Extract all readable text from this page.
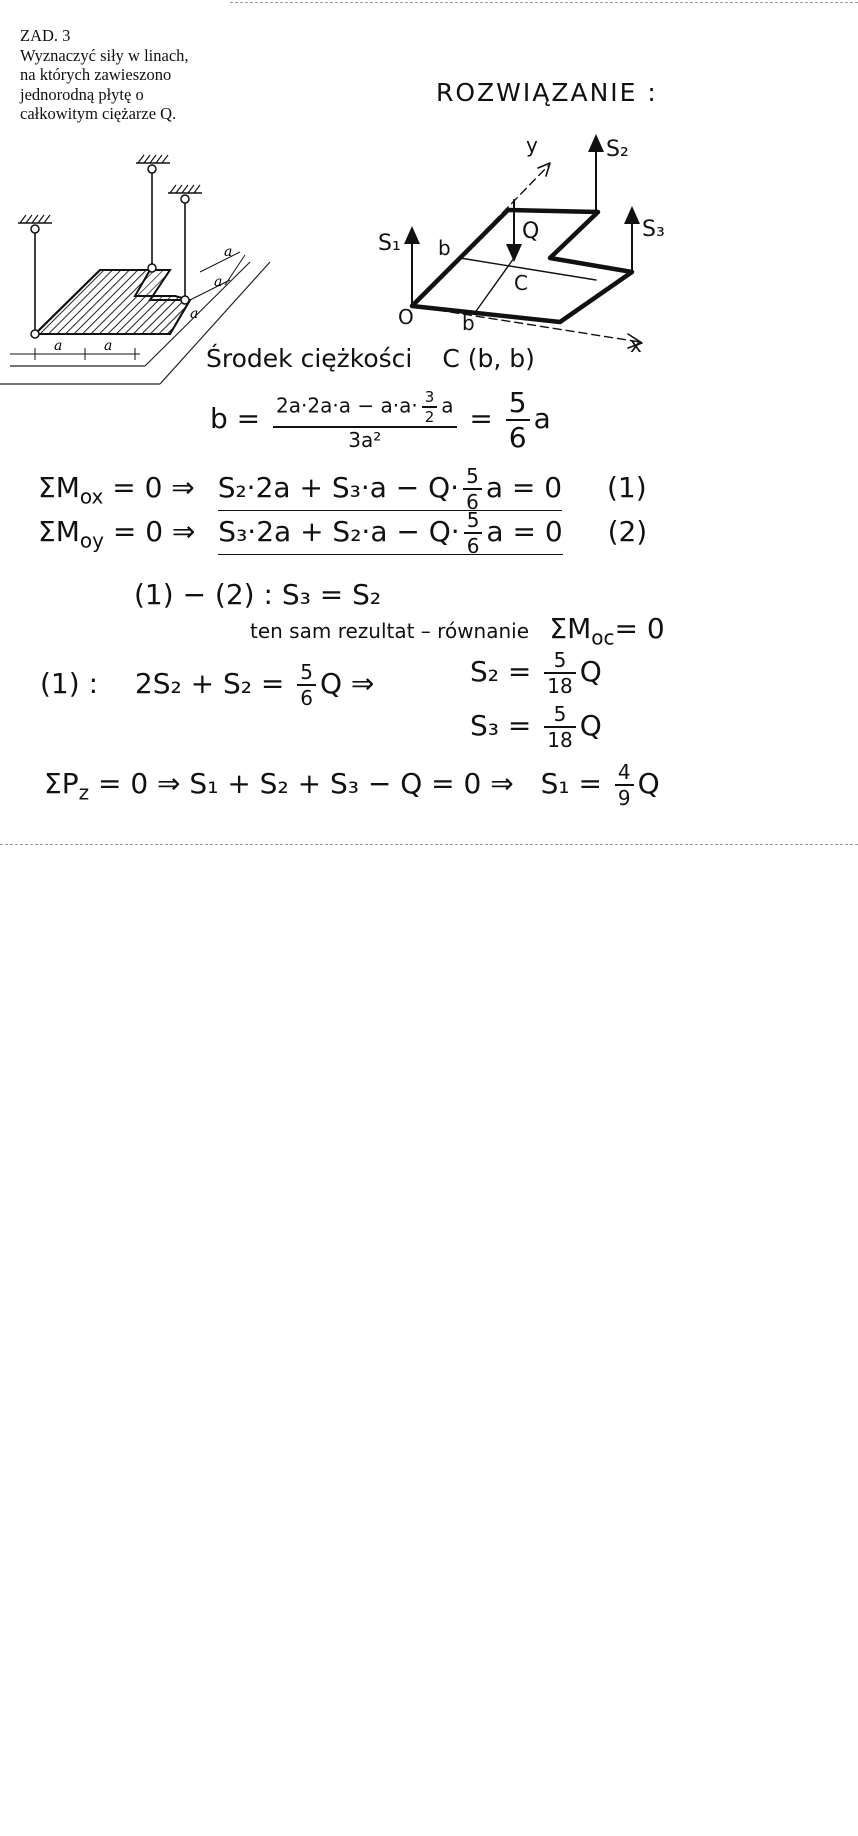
ZAD. 3
Wyznaczyć siły w linach,
na których zawieszono
jednorodną płytę o
całkowitym ciężarze Q.
a	a
a
a
a
y
x
O
b
b
C
Q
S₁
S₂
S₃
ROZWIĄZANIE :
Środek ciężkości C (b, b)
$b = \frac{2a\cdot 2a\cdot a - a\cdot a\cdot \frac{3}{2} a}{\text{3a²}} = \frac{5}{6}$ a
$\Sigma M_{ox} = 0$ ⇒ $S_2\cdot 2a + S_3\cdot a - Q\cdot \frac{5}{6}$ a = 0 (1)
$\Sigma M_{oy} = 0$ ⇒ $S_3\cdot 2a + S_2\cdot a - Q\cdot \frac{5}{6}$ a = 0 (2)
(1) − (2) : S₃ = S₂
ten sam rezultat – równanie $\Sigma M_{oc}= 0$
(1) : $2S_2 + S_2 = \frac{5}{6}$ Q ⇒	$S_2 = \frac{5}{18}$ Q
$S_3 = \frac{5}{18}$ Q
$\Sigma P_z = 0$ ⇒ S₁ + S₂ + S₃ − Q = 0 ⇒ $S_1 = \frac{4}{9}$ Q
